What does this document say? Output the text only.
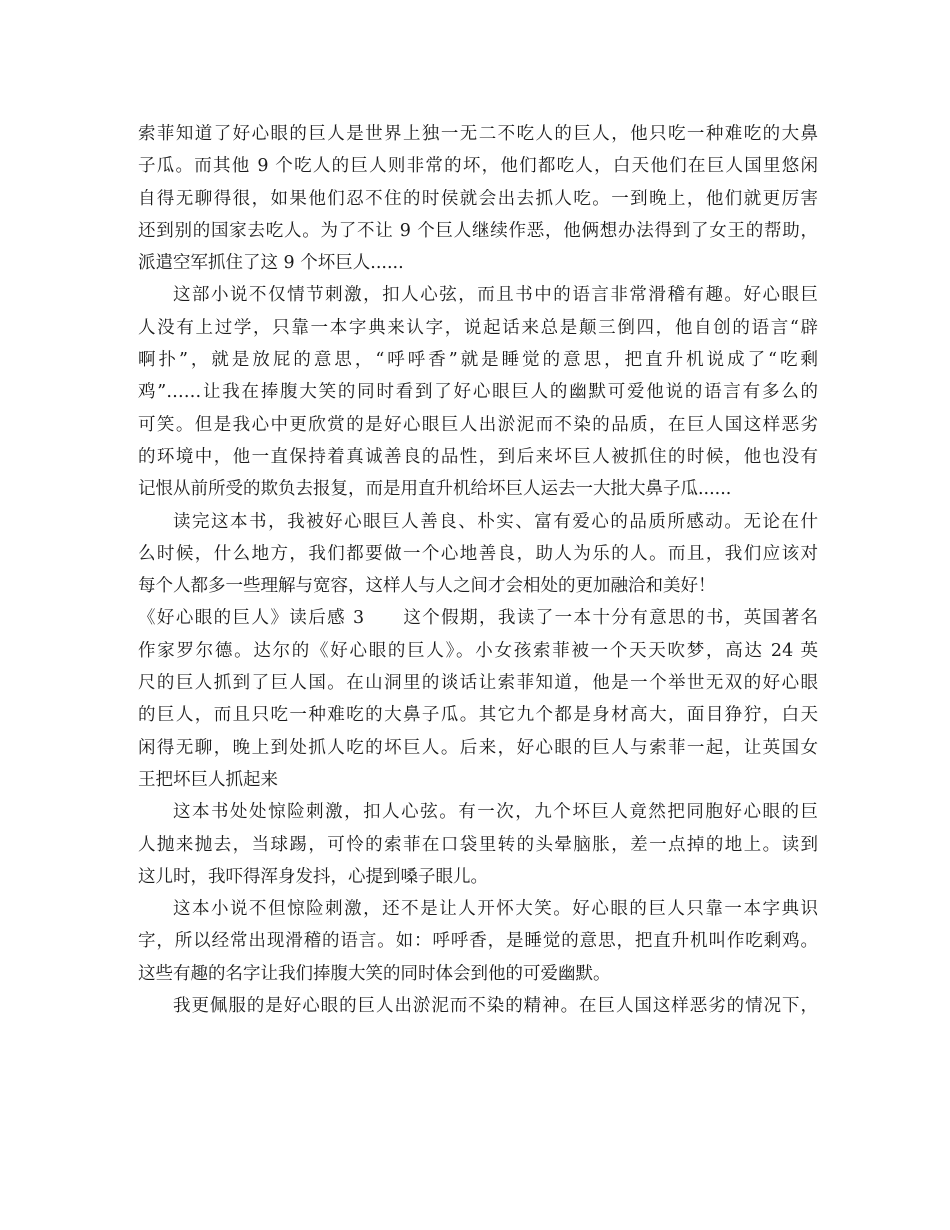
索菲知道了好心眼的巨人是世界上独一无二不吃人的巨人，他只吃一种难吃的大鼻
子瓜。而其他 9 个吃人的巨人则非常的坏，他们都吃人，白天他们在巨人国里悠闲
自得无聊得很，如果他们忍不住的时侯就会出去抓人吃。一到晚上，他们就更厉害
还到别的国家去吃人。为了不让 9 个巨人继续作恶，他俩想办法得到了女王的帮助，
派遣空军抓住了这 9 个坏巨人......
这部小说不仅情节刺激，扣人心弦，而且书中的语言非常滑稽有趣。好心眼巨
人没有上过学，只靠一本字典来认字，说起话来总是颠三倒四，他自创的语言“辟
啊扑”，就是放屁的意思，“呼呼香”就是睡觉的意思，把直升机说成了“吃剩
鸡”……让我在捧腹大笑的同时看到了好心眼巨人的幽默可爱他说的语言有多么的
可笑。但是我心中更欣赏的是好心眼巨人出淤泥而不染的品质，在巨人国这样恶劣
的环境中，他一直保持着真诚善良的品性，到后来坏巨人被抓住的时候，他也没有
记恨从前所受的欺负去报复，而是用直升机给坏巨人运去一大批大鼻子瓜......
读完这本书，我被好心眼巨人善良、朴实、富有爱心的品质所感动。无论在什
么时候，什么地方，我们都要做一个心地善良，助人为乐的人。而且，我们应该对
每个人都多一些理解与宽容，这样人与人之间才会相处的更加融洽和美好！
《好心眼的巨人》读后感 3　　这个假期，我读了一本十分有意思的书，英国著名
作家罗尔德。达尔的《好心眼的巨人》。小女孩索菲被一个天天吹梦，高达 24 英
尺的巨人抓到了巨人国。在山洞里的谈话让索菲知道，他是一个举世无双的好心眼
的巨人，而且只吃一种难吃的大鼻子瓜。其它九个都是身材高大，面目狰狞，白天
闲得无聊，晚上到处抓人吃的坏巨人。后来，好心眼的巨人与索菲一起，让英国女
王把坏巨人抓起来
这本书处处惊险刺激，扣人心弦。有一次，九个坏巨人竟然把同胞好心眼的巨
人抛来抛去，当球踢，可怜的索菲在口袋里转的头晕脑胀，差一点掉的地上。读到
这儿时，我吓得浑身发抖，心提到嗓子眼儿。
这本小说不但惊险刺激，还不是让人开怀大笑。好心眼的巨人只靠一本字典识
字，所以经常出现滑稽的语言。如：呼呼香，是睡觉的意思，把直升机叫作吃剩鸡。
这些有趣的名字让我们捧腹大笑的同时体会到他的可爱幽默。
我更佩服的是好心眼的巨人出淤泥而不染的精神。在巨人国这样恶劣的情况下，
